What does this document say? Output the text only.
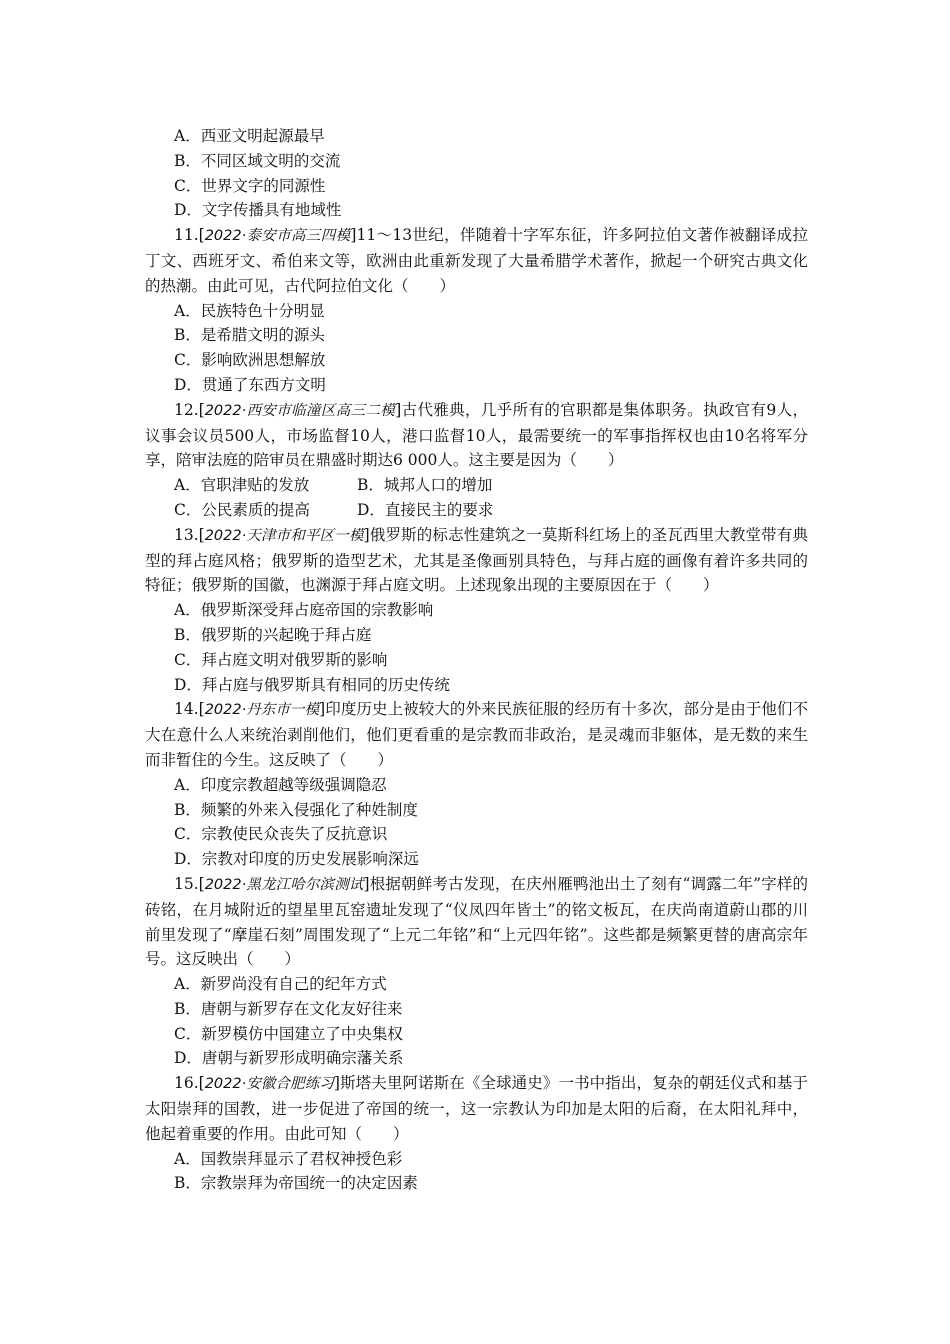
A．西亚文明起源最早
B．不同区域文明的交流
C．世界文字的同源性
D．文字传播具有地域性
11.[2022·泰安市高三四模]11～13世纪，伴随着十字军东征，许多阿拉伯文著作被翻译成拉丁文、西班牙文、希伯来文等，欧洲由此重新发现了大量希腊学术著作，掀起一个研究古典文化的热潮。由此可见，古代阿拉伯文化（　　）
A．民族特色十分明显
B．是希腊文明的源头
C．影响欧洲思想解放
D．贯通了东西方文明
12.[2022·西安市临潼区高三二模]古代雅典，几乎所有的官职都是集体职务。执政官有9人，议事会议员500人，市场监督10人，港口监督10人，最需要统一的军事指挥权也由10名将军分享，陪审法庭的陪审员在鼎盛时期达6 000人。这主要是因为（　　）
A．官职津贴的发放	B．城邦人口的增加
C．公民素质的提高	D．直接民主的要求
13.[2022·天津市和平区一模]俄罗斯的标志性建筑之一莫斯科红场上的圣瓦西里大教堂带有典型的拜占庭风格；俄罗斯的造型艺术，尤其是圣像画别具特色，与拜占庭的画像有着许多共同的特征；俄罗斯的国徽，也渊源于拜占庭文明。上述现象出现的主要原因在于（　　）
A．俄罗斯深受拜占庭帝国的宗教影响
B．俄罗斯的兴起晚于拜占庭
C．拜占庭文明对俄罗斯的影响
D．拜占庭与俄罗斯具有相同的历史传统
14.[2022·丹东市一模]印度历史上被较大的外来民族征服的经历有十多次，部分是由于他们不大在意什么人来统治剥削他们，他们更看重的是宗教而非政治，是灵魂而非躯体，是无数的来生而非暂住的今生。这反映了（　　）
A．印度宗教超越等级强调隐忍
B．频繁的外来入侵强化了种姓制度
C．宗教使民众丧失了反抗意识
D．宗教对印度的历史发展影响深远
15.[2022·黑龙江哈尔滨测试]根据朝鲜考古发现，在庆州雁鸭池出土了刻有“调露二年”字样的砖铭，在月城附近的望星里瓦窑遗址发现了“仪凤四年皆土”的铭文板瓦，在庆尚南道蔚山郡的川前里发现了“摩崖石刻”周围发现了“上元二年铭”和“上元四年铭”。这些都是频繁更替的唐高宗年号。这反映出（　　）
A．新罗尚没有自己的纪年方式
B．唐朝与新罗存在文化友好往来
C．新罗模仿中国建立了中央集权
D．唐朝与新罗形成明确宗藩关系
16.[2022·安徽合肥练习]斯塔夫里阿诺斯在《全球通史》一书中指出，复杂的朝廷仪式和基于太阳崇拜的国教，进一步促进了帝国的统一，这一宗教认为印加是太阳的后裔，在太阳礼拜中，他起着重要的作用。由此可知（　　）
A．国教崇拜显示了君权神授色彩
B．宗教崇拜为帝国统一的决定因素
